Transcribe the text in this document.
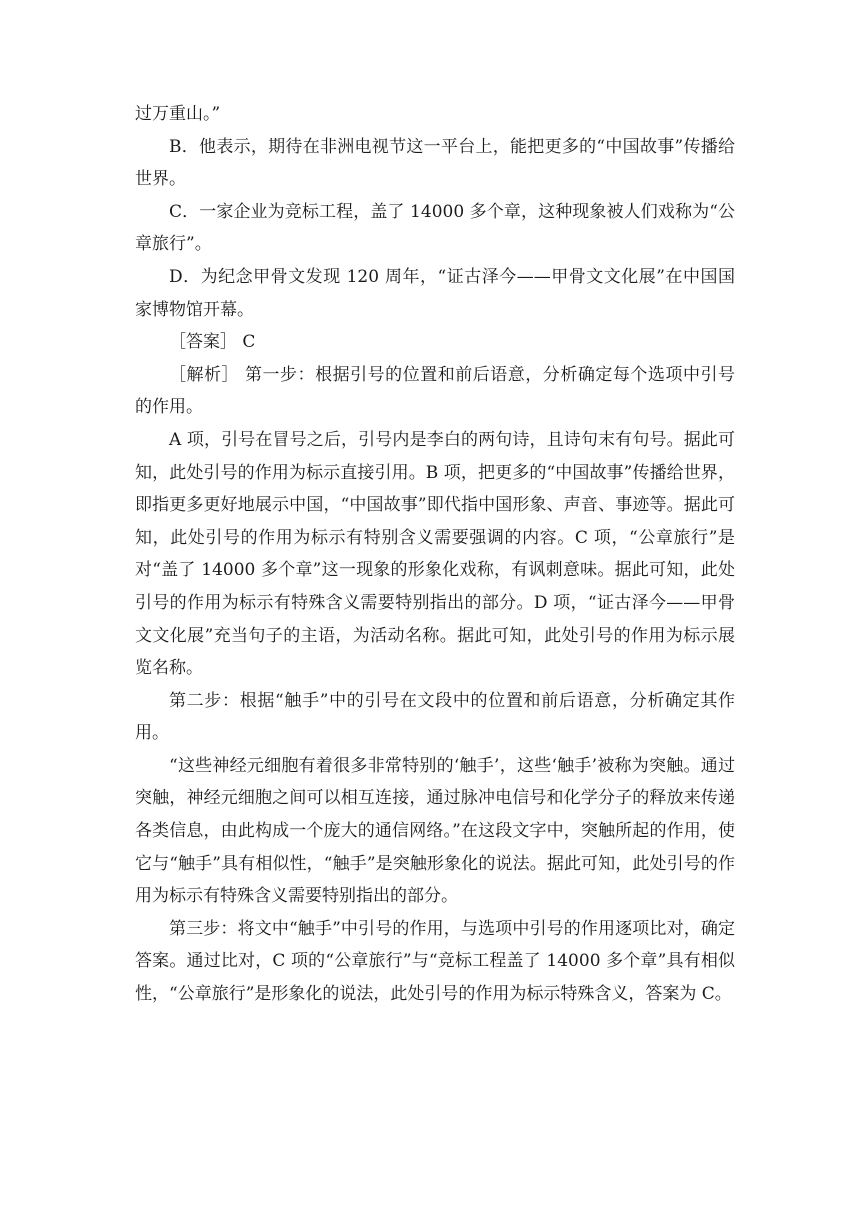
过万重山。”

B．他表示，期待在非洲电视节这一平台上，能把更多的“中国故事”传播给世界。

C．一家企业为竞标工程，盖了 14000 多个章，这种现象被人们戏称为“公章旅行”。

D．为纪念甲骨文发现 120 周年，“证古泽今——甲骨文文化展”在中国国家博物馆开幕。

［答案］ C

［解析］ 第一步：根据引号的位置和前后语意，分析确定每个选项中引号的作用。

A 项，引号在冒号之后，引号内是李白的两句诗，且诗句末有句号。据此可知，此处引号的作用为标示直接引用。B 项，把更多的“中国故事”传播给世界，即指更多更好地展示中国，“中国故事”即代指中国形象、声音、事迹等。据此可知，此处引号的作用为标示有特别含义需要强调的内容。C 项，“公章旅行”是对“盖了 14000 多个章”这一现象的形象化戏称，有讽刺意味。据此可知，此处引号的作用为标示有特殊含义需要特别指出的部分。D 项，“证古泽今——甲骨文文化展”充当句子的主语，为活动名称。据此可知，此处引号的作用为标示展览名称。

第二步：根据“触手”中的引号在文段中的位置和前后语意，分析确定其作用。

“这些神经元细胞有着很多非常特别的‘触手’，这些‘触手’被称为突触。通过突触，神经元细胞之间可以相互连接，通过脉冲电信号和化学分子的释放来传递各类信息，由此构成一个庞大的通信网络。”在这段文字中，突触所起的作用，使它与“触手”具有相似性，“触手”是突触形象化的说法。据此可知，此处引号的作用为标示有特殊含义需要特别指出的部分。

第三步：将文中“触手”中引号的作用，与选项中引号的作用逐项比对，确定答案。通过比对，C 项的“公章旅行”与“竞标工程盖了 14000 多个章”具有相似性，“公章旅行”是形象化的说法，此处引号的作用为标示特殊含义，答案为 C。
